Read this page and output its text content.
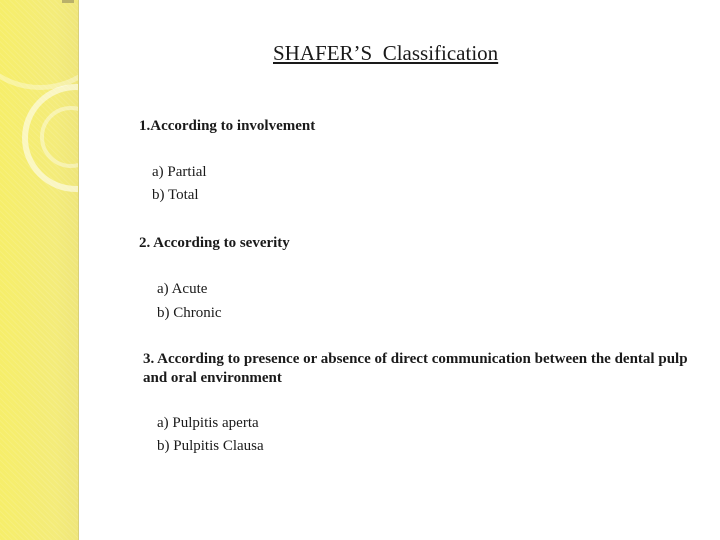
SHAFER’S  Classification

1.According to involvement

a) Partial

b) Total

2. According to severity

a) Acute

b) Chronic

3. According to presence or absence of direct communication between the dental pulp and oral environment

a) Pulpitis aperta

b) Pulpitis Clausa
